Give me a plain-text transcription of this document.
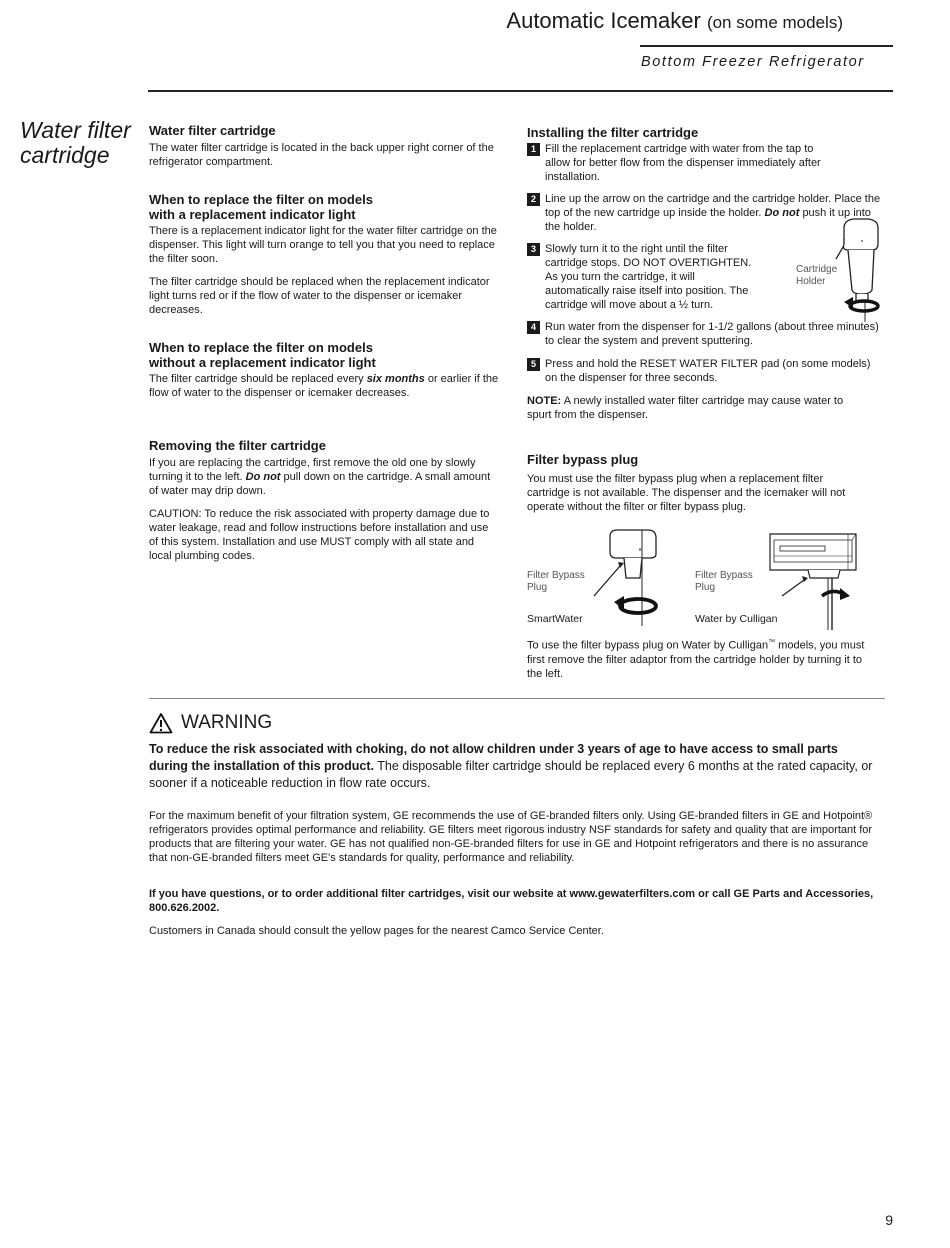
Automatic Icemaker (on some models)
Bottom Freezer Refrigerator
Water filter
cartridge

Water filter cartridge

The water filter cartridge is located in the back upper right corner of the refrigerator compartment.

When to replace the filter on models

with a replacement indicator light

There is a replacement indicator light for the water filter cartridge on the dispenser. This light will turn orange to tell you that you need to replace the filter soon.

The filter cartridge should be replaced when the replacement indicator light turns red or if the flow of water to the dispenser or icemaker decreases.

When to replace the filter on models

without a replacement indicator light

The filter cartridge should be replaced every six months or earlier if the flow of water to the dispenser or icemaker decreases.

Removing the filter cartridge

If you are replacing the cartridge, first remove the old one by slowly turning it to the left. Do not pull down on the cartridge. A small amount of water may drip down.

CAUTION: To reduce the risk associated with property damage due to water leakage, read and follow instructions before installation and use of this system. Installation and use MUST comply with all state and local plumbing codes.

Installing the filter cartridge

1 Fill the replacement cartridge with water from the tap to allow for better flow from the dispenser immediately after installation.
2 Line up the arrow on the cartridge and the cartridge holder. Place the top of the new cartridge up inside the holder. Do not push it up into the holder.
3 Slowly turn it to the right until the filter cartridge stops. DO NOT OVERTIGHTEN. As you turn the cartridge, it will automatically raise itself into position. The cartridge will move about a ½ turn.
Cartridge
Holder
4 Run water from the dispenser for 1-1/2 gallons (about three minutes) to clear the system and prevent sputtering.
5 Press and hold the RESET WATER FILTER pad (on some models) on the dispenser for three seconds.

NOTE: A newly installed water filter cartridge may cause water to spurt from the dispenser.

Filter bypass plug

You must use the filter bypass plug when a replacement filter cartridge is not available. The dispenser and the icemaker will not operate without the filter or filter bypass plug.

Filter Bypass
Plug
SmartWater
Filter Bypass
Plug
Water by Culligan

To use the filter bypass plug on Water by Culligan™ models, you must first remove the filter adaptor from the cartridge holder by turning it to the left.

WARNING
To reduce the risk associated with choking, do not allow children under 3 years of age to have access to small parts during the installation of this product. The disposable filter cartridge should be replaced every 6 months at the rated capacity, or sooner if a noticeable reduction in flow rate occurs.

For the maximum benefit of your filtration system, GE recommends the use of GE-branded filters only. Using GE-branded filters in GE and Hotpoint® refrigerators provides optimal performance and reliability. GE filters meet rigorous industry NSF standards for safety and quality that are important for products that are filtering your water. GE has not qualified non-GE-branded filters for use in GE and Hotpoint refrigerators and there is no assurance that non-GE-branded filters meet GE's standards for quality, performance and reliability.

If you have questions, or to order additional filter cartridges, visit our website at www.gewaterfilters.com or call GE Parts and Accessories, 800.626.2002.

Customers in Canada should consult the yellow pages for the nearest Camco Service Center.

9
